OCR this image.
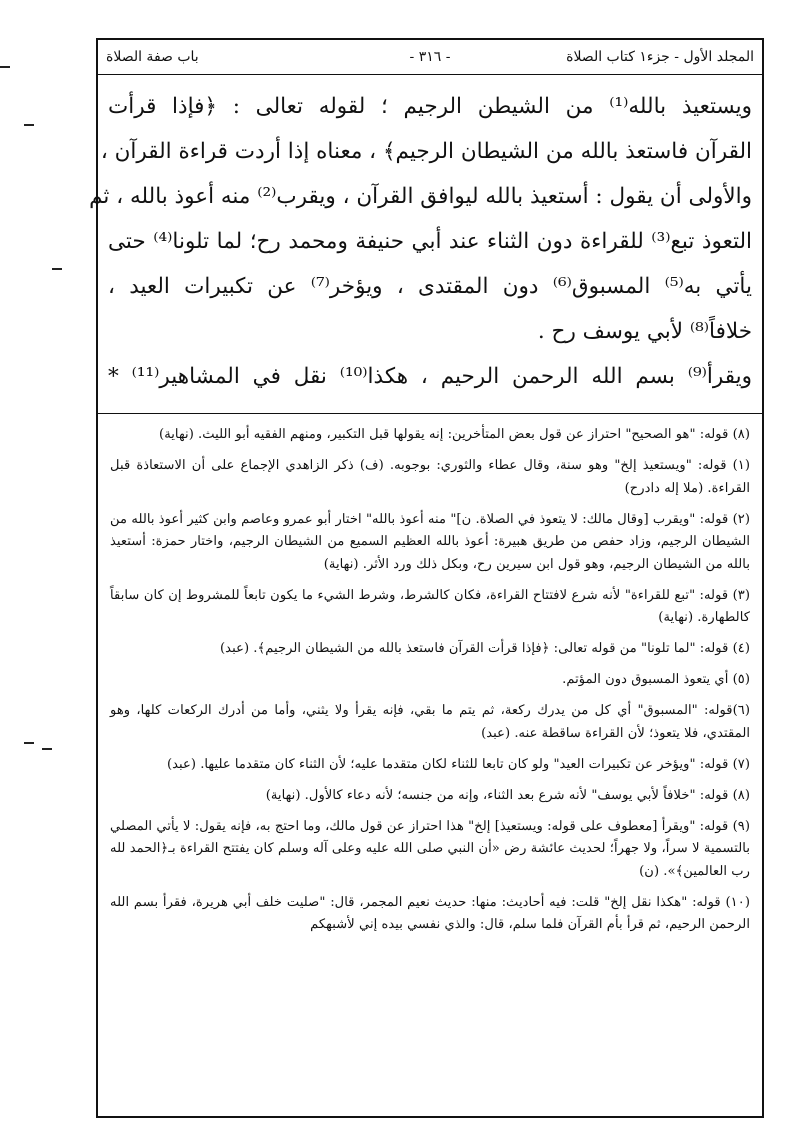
المجلد الأول - جزء١ كتاب الصلاة
- ٣١٦ -
باب صفة الصلاة
ويستعيذ بالله⁽¹⁾ من الشيطن الرجيم ؛ لقوله تعالى : ﴿فإذا قرأت
القرآن فاستعذ بالله من الشيطان الرجيم﴾ ، معناه إذا أردت قراءة القرآن ،
والأولى أن يقول : أستعيذ بالله ليوافق القرآن ، ويقرب⁽²⁾ منه أعوذ بالله ، ثم
التعوذ تبع⁽³⁾ للقراءة دون الثناء عند أبي حنيفة ومحمد رح؛ لما تلونا⁽⁴⁾ حتى
يأتي به⁽⁵⁾ المسبوق⁽⁶⁾ دون المقتدى ، ويؤخر⁽⁷⁾ عن تكبيرات العيد ،
خلافاً⁽⁸⁾ لأبي يوسف رح .
ويقرأ⁽⁹⁾ بسم الله الرحمن الرحيم ، هكذا⁽¹⁰⁾ نقل في المشاهير⁽¹¹⁾ *

(٨) قوله: "هو الصحيح" احتراز عن قول بعض المتأخرين: إنه يقولها قبل التكبير، ومنهم الفقيه أبو الليث. (نهاية)

(١) قوله: "ويستعيذ إلخ" وهو سنة، وقال عطاء والثوري: بوجوبه. (ف) ذكر الزاهدي الإجماع على أن الاستعاذة قبل القراءة. (ملا إله دادرح)

(٢) قوله: "ويقرب [وقال مالك: لا يتعوذ في الصلاة. ن]" منه أعوذ بالله" اختار أبو عمرو وعاصم وابن كثير أعوذ بالله من الشيطان الرجيم، وزاد حفص من طريق هبيرة: أعوذ بالله العظيم السميع من الشيطان الرجيم، واختار حمزة: أستعيذ بالله من الشيطان الرجيم، وهو قول ابن سيرين رح، وبكل ذلك ورد الأثر. (نهاية)

(٣) قوله: "تبع للقراءة" لأنه شرع لافتتاح القراءة، فكان كالشرط، وشرط الشيء ما يكون تابعاً للمشروط إن كان سابقاً كالطهارة. (نهاية)

(٤) قوله: "لما تلونا" من قوله تعالى: ﴿فإذا قرأت القرآن فاستعذ بالله من الشيطان الرجيم﴾. (عبد)

(٥) أي يتعوذ المسبوق دون المؤتم.

(٦)قوله: "المسبوق" أي كل من يدرك ركعة، ثم يتم ما بقي، فإنه يقرأ ولا يثني، وأما من أدرك الركعات كلها، وهو المقتدي، فلا يتعوذ؛ لأن القراءة ساقطة عنه. (عبد)

(٧) قوله: "ويؤخر عن تكبيرات العيد" ولو كان تابعا للثناء لكان متقدما عليه؛ لأن الثناء كان متقدما عليها. (عبد)

(٨) قوله: "خلافاً لأبي يوسف" لأنه شرع بعد الثناء، وإنه من جنسه؛ لأنه دعاء كالأول. (نهاية)

(٩) قوله: "ويقرأ [معطوف على قوله: ويستعيذ] إلخ" هذا احتراز عن قول مالك، وما احتج به، فإنه يقول: لا يأتي المصلي بالتسمية لا سراً، ولا جهراً؛ لحديث عائشة رض «أن النبي صلى الله عليه وعلى آله وسلم كان يفتتح القراءة بـ﴿الحمد لله رب العالمين﴾». (ن)

(١٠) قوله: "هكذا نقل إلخ" قلت: فيه أحاديث: منها: حديث نعيم المجمر، قال: "صليت خلف أبي هريرة، فقرأ بسم الله الرحمن الرحيم، ثم قرأ بأم القرآن فلما سلم، قال: والذي نفسي بيده إني لأشبهكم
